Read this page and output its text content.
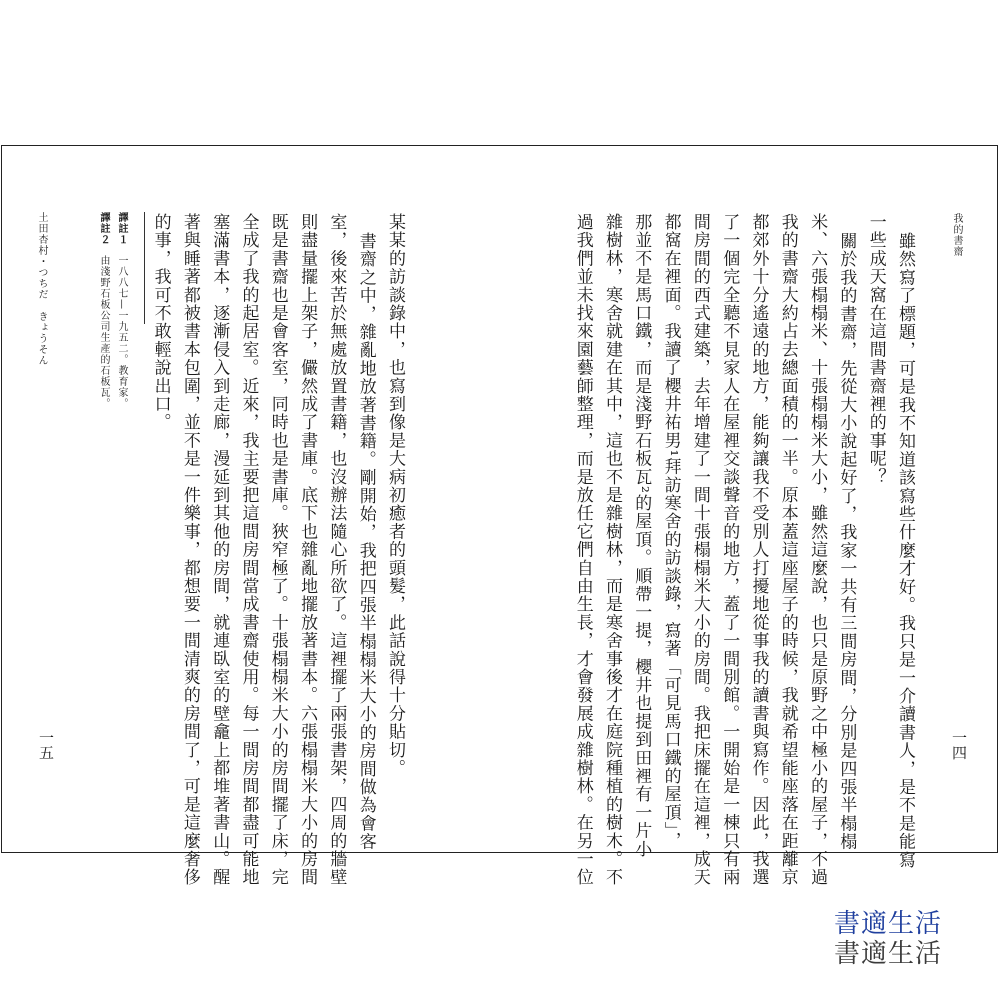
我的書齋
一四
雖然寫了標題，可是我不知道該寫些什麼才好。我只是一介讀書人，是不是能寫
一些成天窩在這間書齋裡的事呢？
關於我的書齋，先從大小說起好了，我家一共有三間房間，分別是四張半榻榻
米、六張榻榻米、十張榻榻米大小，雖然這麼說，也只是原野之中極小的屋子，不過
我的書齋大約占去總面積的一半。原本蓋這座屋子的時候，我就希望能座落在距離京
都郊外十分遙遠的地方，能夠讓我不受別人打擾地從事我的讀書與寫作。因此，我選
了一個完全聽不見家人在屋裡交談聲音的地方，蓋了一間別館。一開始是一棟只有兩
間房間的西式建築，去年增建了一間十張榻榻米大小的房間。我把床擺在這裡，成天
都窩在裡面。我讀了櫻井祐男¹拜訪寒舍的訪談錄，寫著「可見馬口鐵的屋頂」，
那並不是馬口鐵，而是淺野石板瓦²的屋頂。順帶一提，櫻井也提到田裡有一片小
雜樹林，寒舍就建在其中，這也不是雜樹林，而是寒舍事後才在庭院種植的樹木。不
過我們並未找來園藝師整理，而是放任它們自由生長，才會發展成雜樹林。在另一位
某某的訪談錄中，也寫到像是大病初癒者的頭髮，此話說得十分貼切。
書齋之中，雜亂地放著書籍。剛開始，我把四張半榻榻米大小的房間做為會客
室，後來苦於無處放置書籍，也沒辦法隨心所欲了。這裡擺了兩張書架，四周的牆壁
則盡量擺上架子，儼然成了書庫。底下也雜亂地擺放著書本。六張榻榻米大小的房間
既是書齋也是會客室，同時也是書庫。狹窄極了。十張榻榻米大小的房間擺了床，完
全成了我的起居室。近來，我主要把這間房間當成書齋使用。每一間房間都盡可能地
塞滿書本，逐漸侵入到走廊，漫延到其他的房間，就連臥室的壁龕上都堆著書山。醒
著與睡著都被書本包圍，並不是一件樂事，都想要一間清爽的房間了，可是這麼奢侈
的事，我可不敢輕說出口。
譯註１一八八七—一九五二。教育家。
譯註２由淺野石板公司生產的石板瓦。
土田杏村・つちだ　きょうそん
一五
書適生活
書適生活
